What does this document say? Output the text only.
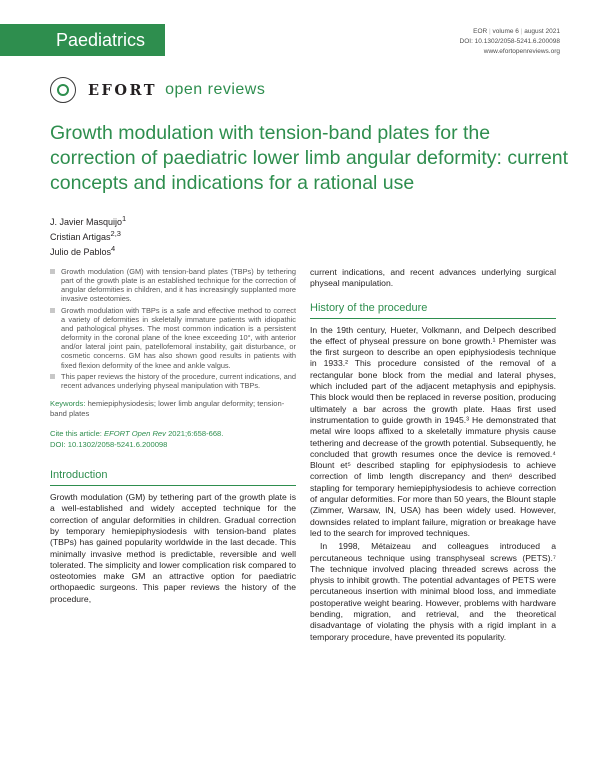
Paediatrics	EOR | volume 6 | august 2021
DOI: 10.1302/2058-5241.6.200098
www.efortopenreviews.org
EFORT open reviews
Growth modulation with tension-band plates for the correction of paediatric lower limb angular deformity: current concepts and indications for a rational use
J. Javier Masquijo$^1$
Cristian Artigas$^{2,3}$
Julio de Pablos$^4$

Growth modulation (GM) with tension-band plates (TBPs) by tethering part of the growth plate is an established technique for the correction of angular deformities in children, and it has increasingly supplanted more invasive osteotomies.

Growth modulation with TBPs is a safe and effective method to correct a variety of deformities in skeletally immature patients with idiopathic and pathological physes. The most common indication is a persistent deformity in the coronal plane of the knee exceeding 10°, with anterior and/or lateral joint pain, patellofemoral instability, gait disturbance, or cosmetic concerns. GM has also shown good results in patients with fixed flexion deformity of the knee and ankle valgus.

This paper reviews the history of the procedure, current indications, and recent advances underlying physeal manipulation with TBPs.

Keywords: hemiepiphysiodesis; lower limb angular deformity; tension-band plates
Cite this article: EFORT Open Rev 2021;6:658-668.
DOI: 10.1302/2058-5241.6.200098
Introduction

Growth modulation (GM) by tethering part of the growth plate is a well-established and widely accepted technique for the correction of angular deformities in children. Gradual correction by temporary hemiepiphysiodesis with tension-band plates (TBPs) has gained popularity worldwide in the last decade. This minimally invasive method is predictable, reversible and well tolerated. The simplicity and lower complication risk compared to osteotomies make GM an attractive option for paediatric orthopaedic surgeons. This paper reviews the history of the procedure,

current indications, and recent advances underlying surgical physeal manipulation.

History of the procedure

In the 19th century, Hueter, Volkmann, and Delpech described the effect of physeal pressure on bone growth.¹ Phemister was the first surgeon to describe an open epiphysiodesis technique in 1933.² This procedure consisted of the removal of a rectangular bone block from the medial and lateral physes, which included part of the adjacent metaphysis and epiphysis. This block would then be replaced in reverse position, producing ultimately a bar across the growth plate. Haas first used instrumentation to guide growth in 1945.³ He demonstrated that metal wire loops affixed to a skeletally immature physis cause tethering and decrease of the growth potential. Subsequently, he concluded that growth resumes once the device is removed.⁴ Blount et⁵ described stapling for epiphysiodesis to achieve correction of limb length discrepancy and then⁶ described stapling for temporary hemiepiphysiodesis to achieve correction of angular deformities. For more than 50 years, the Blount staple (Zimmer, Warsaw, IN, USA) has been widely used. However, downsides related to implant failure, migration or breakage have led to the search for improved techniques.

In 1998, Métaizeau and colleagues introduced a percutaneous technique using transphyseal screws (PETS).⁷ The technique involved placing threaded screws across the physis to inhibit growth. The potential advantages of PETS were percutaneous insertion with minimal blood loss, and immediate postoperative weight bearing. However, problems with hardware bending, migration, and retrieval, and the theoretical disadvantage of violating the physis with a rigid implant in a temporary procedure, have prevented its popularity.
